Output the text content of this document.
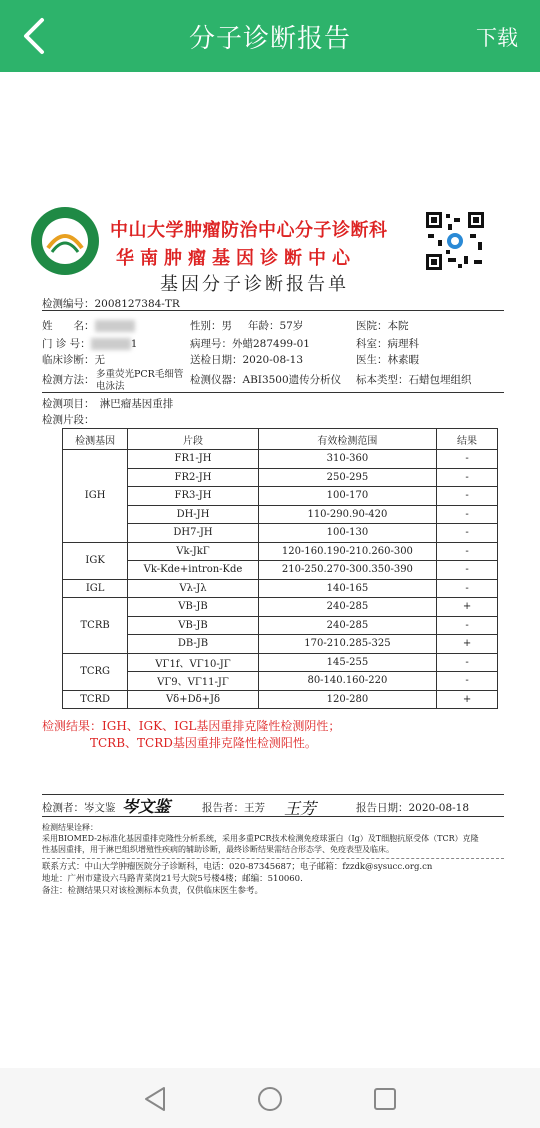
分子诊断报告	下载
中山大学肿瘤防治中心分子诊断科
华南肿瘤基因诊断中心
基因分子诊断报告单
检测编号：2008127384-TR
姓　　名：	性别：男 年龄：57岁	医院：本院
门 诊 号：	1	病理号：外蜡287499-01	科室：病理科
临床诊断：无	送检日期：2020-08-13	医生：林素暇
检测方法： 多重荧光PCR毛细管
电泳法
检测仪器：ABI3500遗传分析仪 标本类型：石蜡包埋组织
检测项目：　淋巴瘤基因重排
检测片段：
检测基因	片段	有效检测范围	结果
IGH	FR1-JH	310-360	-
	FR2-JH	250-295	-
	FR3-JH	100-170	-
	DH-JH	110-290.90-420	-
	DH7-JH	100-130	-
IGK	Vk-JkΓ	120-160.190-210.260-300	-
	Vk-Kde+intron-Kde	210-250.270-300.350-390	-
IGL	Vλ-Jλ	140-165	-
TCRB	VB-JB	240-285	+
	VB-JB	240-285	-
	DB-JB	170-210.285-325	+
TCRG	VΓ1f、VΓ10-JΓ	145-255	-
	VΓ9、VΓ11-JΓ	80-140.160-220	-
TCRD	Vδ+Dδ+Jδ	120-280	+
检测结果：IGH、IGK、IGL基因重排克隆性检测阴性；
TCRB、TCRD基因重排克隆性检测阳性。
检测者：岑文鉴 岑文鉴	报告者：王芳 王芳	报告日期：2020-08-18
检测结果诠释：
采用BIOMED-2标准化基因重排克隆性分析系统，采用多重PCR技术检测免疫球蛋白（Ig）及T细胞抗原受体（TCR）克隆
性基因重排，用于淋巴组织增殖性疾病的辅助诊断，最终诊断结果需结合形态学、免疫表型及临床。
联系方式：中山大学肿瘤医院分子诊断科，电话：020-87345687；电子邮箱：fzzdk@sysucc.org.cn
地址：广州市建设六马路青菜岗21号大院5号楼4楼；邮编：510060.
备注：检测结果只对该检测标本负责，仅供临床医生参考。
